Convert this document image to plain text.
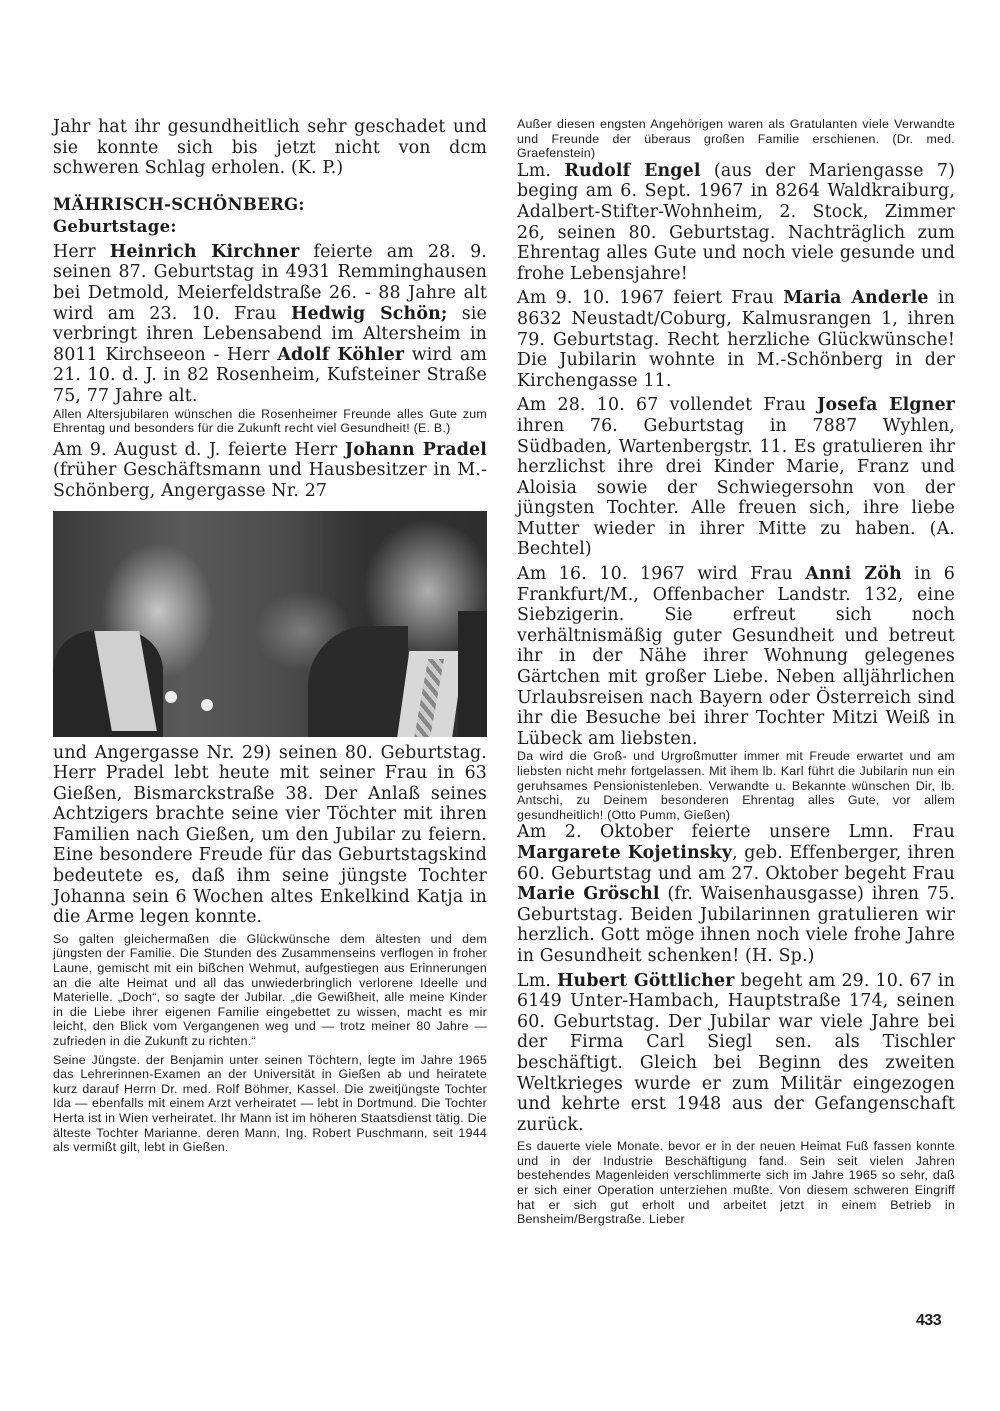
Jahr hat ihr gesundheitlich sehr geschadet und sie konnte sich bis jetzt nicht von dcm schweren Schlag erholen. (K. P.)

MÄHRISCH-SCHÖNBERG:

Geburtstage:

Herr Heinrich Kirchner feierte am 28. 9. seinen 87. Geburtstag in 4931 Remminghausen bei Detmold, Meierfeldstraße 26. - 88 Jahre alt wird am 23. 10. Frau Hedwig Schön; sie verbringt ihren Lebensabend im Altersheim in 8011 Kirchseeon - Herr Adolf Köhler wird am 21. 10. d. J. in 82 Rosenheim, Kufsteiner Straße 75, 77 Jahre alt.

Allen Altersjubilaren wünschen die Rosenheimer Freunde alles Gute zum Ehrentag und besonders für die Zukunft recht viel Gesundheit! (E. B.)

Am 9. August d. J. feierte Herr Johann Pradel (früher Geschäftsmann und Hausbesitzer in M.-Schönberg, Angergasse Nr. 27

und Angergasse Nr. 29) seinen 80. Geburtstag. Herr Pradel lebt heute mit seiner Frau in 63 Gießen, Bismarckstraße 38. Der Anlaß seines Achtzigers brachte seine vier Töchter mit ihren Familien nach Gießen, um den Jubilar zu feiern. Eine besondere Freude für das Geburtstagskind bedeutete es, daß ihm seine jüngste Tochter Johanna sein 6 Wochen altes Enkelkind Katja in die Arme legen konnte.

So galten gleichermaßen die Glückwünsche dem ältesten und dem jüngsten der Familie. Die Stunden des Zusammenseins verflogen in froher Laune, gemischt mit ein bißchen Wehmut, aufgestiegen aus Erinnerungen an die alte Heimat und all das unwiederbringlich verlorene Ideelle und Materielle. „Doch“, so sagte der Jubilar. „die Gewißheit, alle meine Kinder in die Liebe ihrer eigenen Familie eingebettet zu wissen, macht es mir leicht, den Blick vom Vergangenen weg und — trotz meiner 80 Jahre — zufrieden in die Zukunft zu richten.“

Seine Jüngste. der Benjamin unter seinen Töchtern, legte im Jahre 1965 das Lehrerinnen-Examen an der Universität in Gießen ab und heiratete kurz darauf Herrn Dr. med. Rolf Böhmer, Kassel. Die zweitjüngste Tochter Ida — ebenfalls mit einem Arzt verheiratet — lebt in Dortmund. Die Tochter Herta ist in Wien verheiratet. Ihr Mann ist im höheren Staatsdienst tätig. Die älteste Tochter Marianne. deren Mann, Ing. Robert Puschmann, seit 1944 als vermißt gilt, lebt in Gießen.

Außer diesen engsten Angehörigen waren als Gratulanten viele Verwandte und Freunde der überaus großen Familie erschienen. (Dr. med. Graefenstein)

Lm. Rudolf Engel (aus der Mariengasse 7) beging am 6. Sept. 1967 in 8264 Waldkraiburg, Adalbert-Stifter-Wohnheim, 2. Stock, Zimmer 26, seinen 80. Geburtstag. Nachträglich zum Ehrentag alles Gute und noch viele gesunde und frohe Lebensjahre!

Am 9. 10. 1967 feiert Frau Maria Anderle in 8632 Neustadt/Coburg, Kalmusrangen 1, ihren 79. Geburtstag. Recht herzliche Glückwünsche! Die Jubilarin wohnte in M.-Schönberg in der Kirchengasse 11.

Am 28. 10. 67 vollendet Frau Josefa Elgner ihren 76. Geburtstag in 7887 Wyhlen, Südbaden, Wartenbergstr. 11. Es gratulieren ihr herzlichst ihre drei Kinder Marie, Franz und Aloisia sowie der Schwiegersohn von der jüngsten Tochter. Alle freuen sich, ihre liebe Mutter wieder in ihrer Mitte zu haben. (A. Bechtel)

Am 16. 10. 1967 wird Frau Anni Zöh in 6 Frankfurt/M., Offenbacher Landstr. 132, eine Siebzigerin. Sie erfreut sich noch verhältnismäßig guter Gesundheit und betreut ihr in der Nähe ihrer Wohnung gelegenes Gärtchen mit großer Liebe. Neben alljährlichen Urlaubsreisen nach Bayern oder Österreich sind ihr die Besuche bei ihrer Tochter Mitzi Weiß in Lübeck am liebsten.

Da wird die Groß- und Urgroßmutter immer mit Freude erwartet und am liebsten nicht mehr fortgelassen. Mit ihem lb. Karl führt die Jubilarin nun ein geruhsames Pensionistenleben. Verwandte u. Bekannte wünschen Dir, lb. Antschi, zu Deinem besonderen Ehrentag alles Gute, vor allem gesundheitlich! (Otto Pumm, Gießen)

Am 2. Oktober feierte unsere Lmn. Frau Margarete Kojetinsky, geb. Effenberger, ihren 60. Geburtstag und am 27. Oktober begeht Frau Marie Gröschl (fr. Waisenhausgasse) ihren 75. Geburtstag. Beiden Jubilarinnen gratulieren wir herzlich. Gott möge ihnen noch viele frohe Jahre in Gesundheit schenken! (H. Sp.)

Lm. Hubert Göttlicher begeht am 29. 10. 67 in 6149 Unter-Hambach, Hauptstraße 174, seinen 60. Geburtstag. Der Jubilar war viele Jahre bei der Firma Carl Siegl sen. als Tischler beschäftigt. Gleich bei Beginn des zweiten Weltkrieges wurde er zum Militär eingezogen und kehrte erst 1948 aus der Gefangenschaft zurück.

Es dauerte viele Monate. bevor er in der neuen Heimat Fuß fassen konnte und in der Industrie Beschäftigung fand. Sein seit vielen Jahren bestehendes Magenleiden verschlimmerte sich im Jahre 1965 so sehr, daß er sich einer Operation unterziehen mußte. Von diesem schweren Eingriff hat er sich gut erholt und arbeitet jetzt in einem Betrieb in Bensheim/Bergstraße. Lieber

433
